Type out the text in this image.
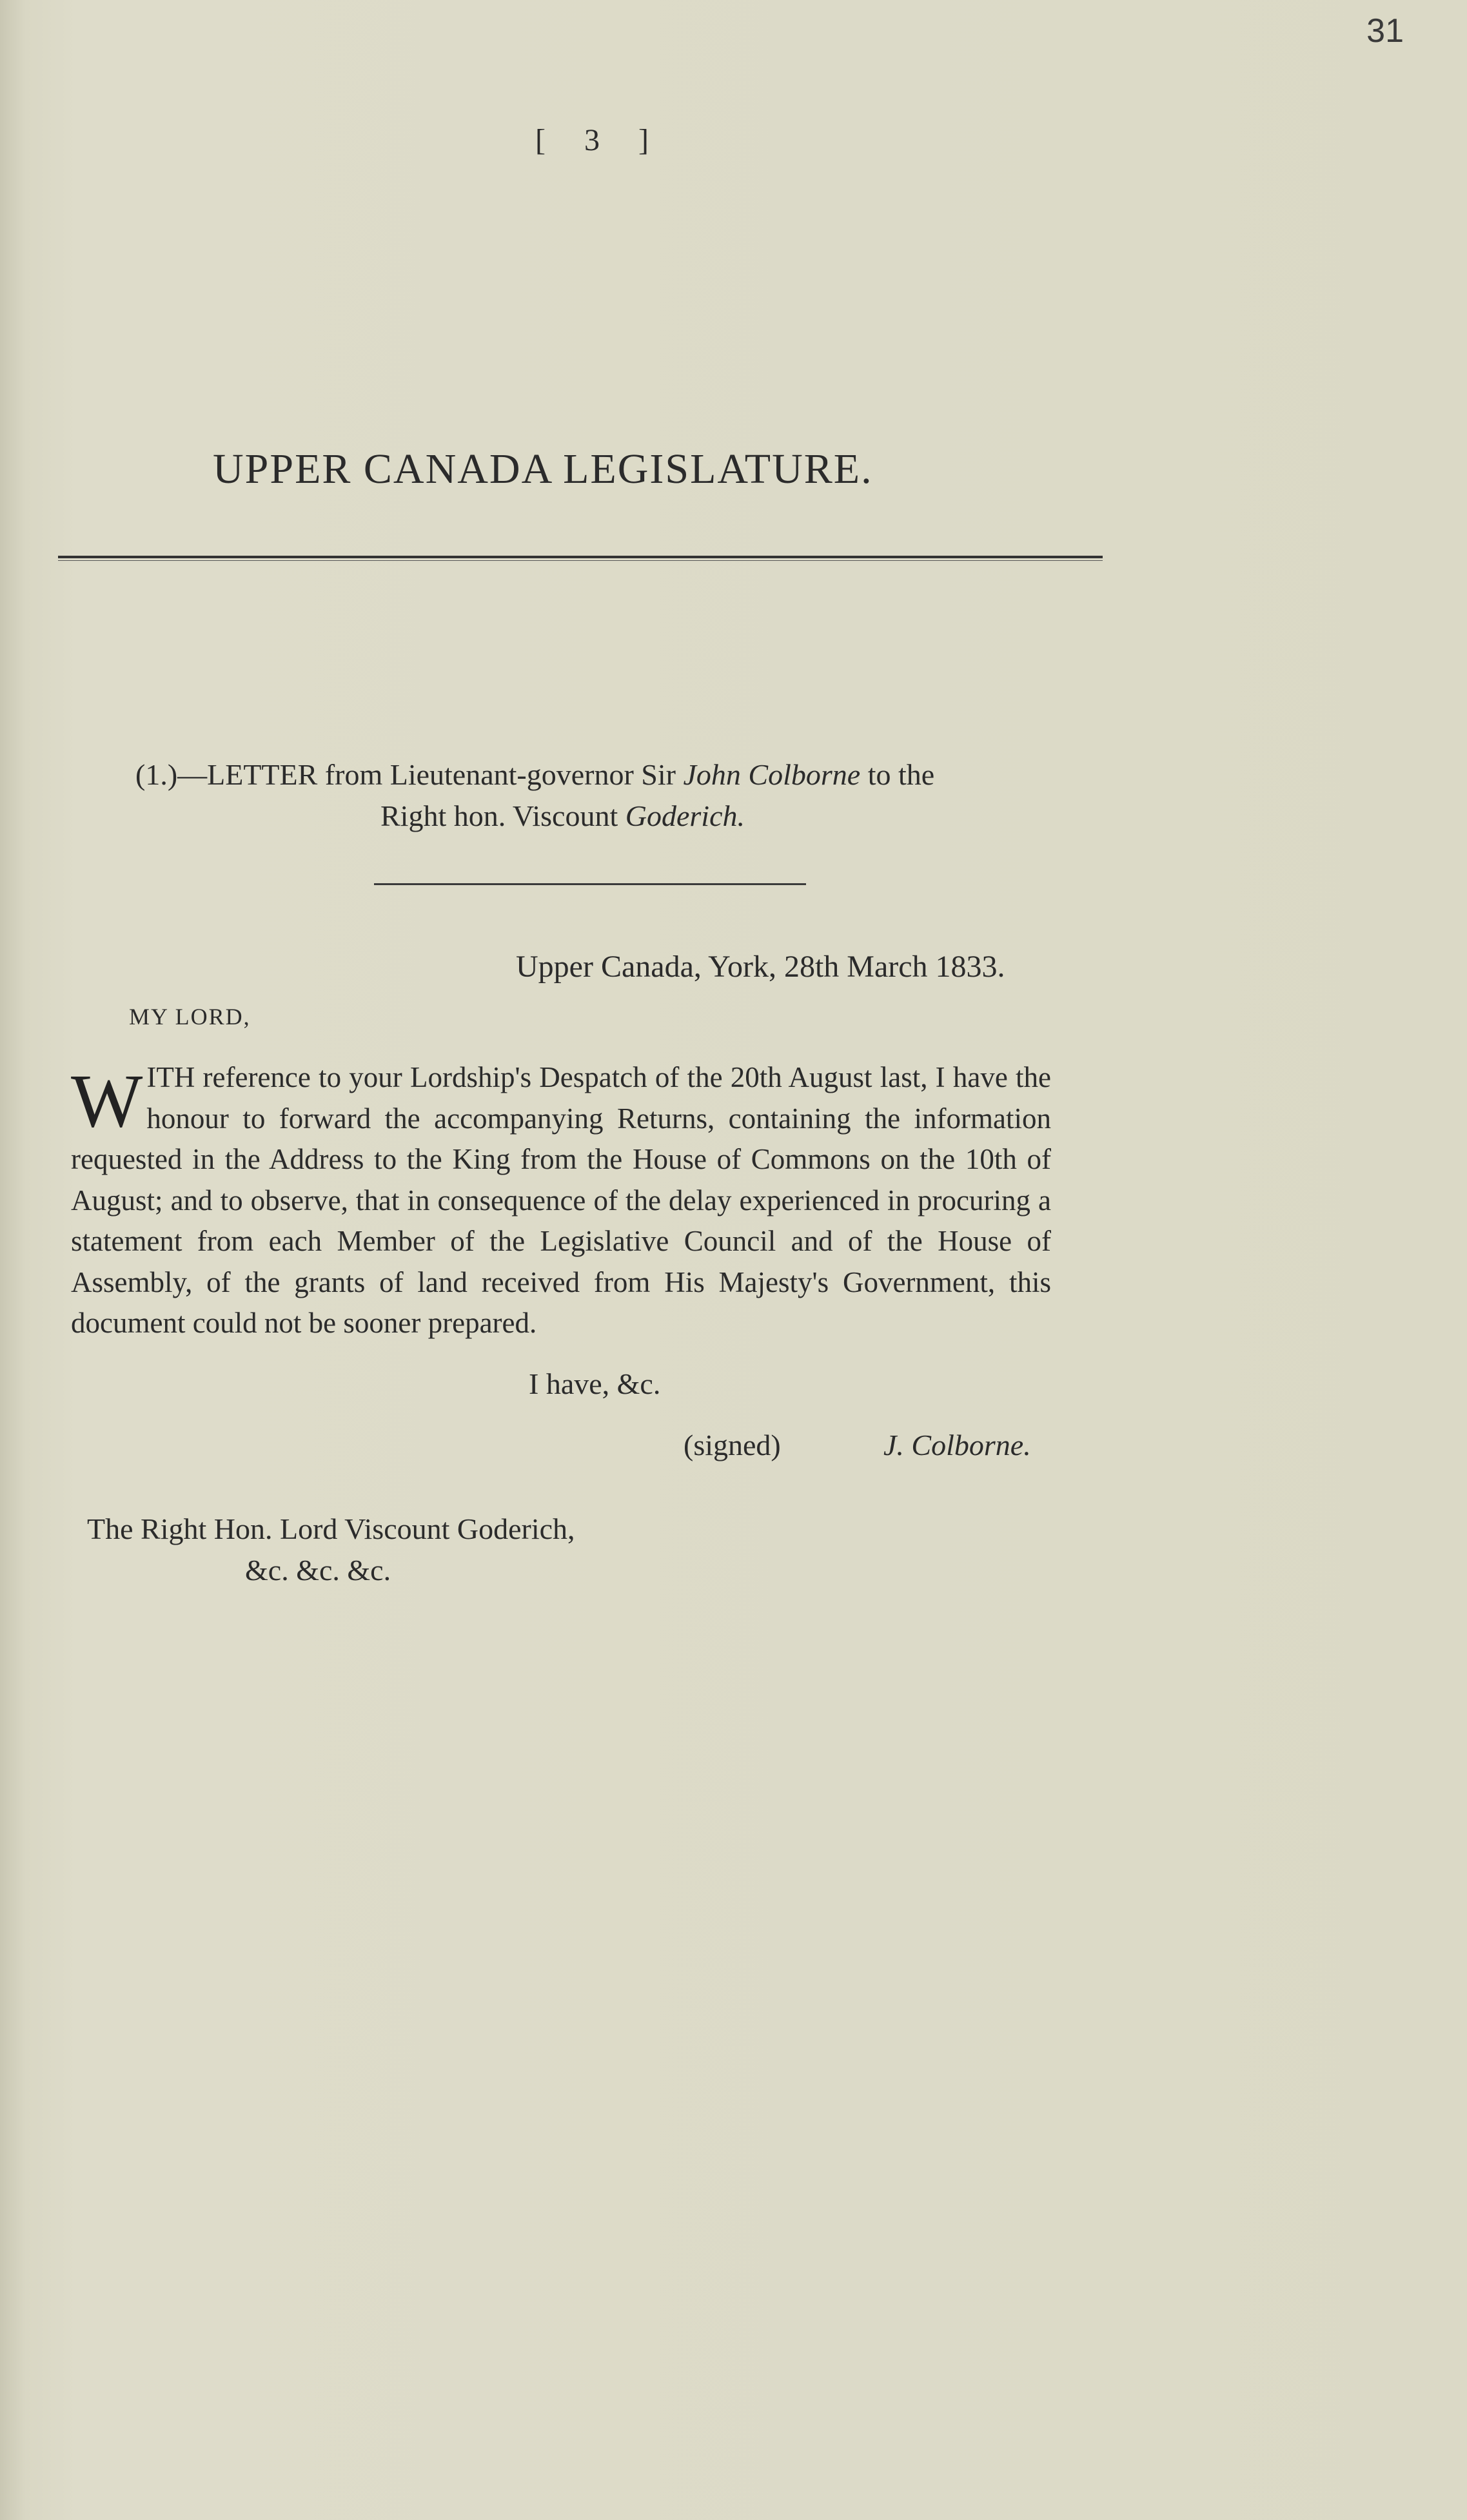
31
[ 3 ]
UPPER CANADA LEGISLATURE.
(1.)—LETTER from Lieutenant-governor Sir John Colborne to the
Right hon. Viscount Goderich.
Upper Canada, York, 28th March 1833.
MY LORD,
WITH reference to your Lordship's Despatch of the 20th August last, I have the honour to forward the accompanying Returns, containing the information requested in the Address to the King from the House of Commons on the 10th of August; and to observe, that in consequence of the delay experienced in procuring a statement from each Member of the Legislative Council and of the House of Assembly, of the grants of land received from His Majesty's Government, this document could not be sooner prepared.
I have, &c.
(signed)	J. Colborne.
The Right Hon. Lord Viscount Goderich,
&c. &c. &c.
